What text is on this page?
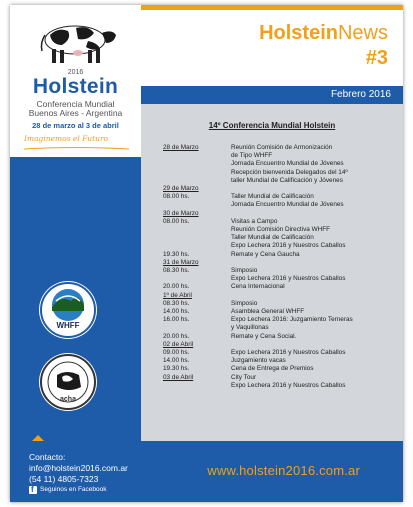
2016
Holstein
Conferencia Mundial
Buenos Aires - Argentina
28 de marzo al 3 de abril
Imaginemos el Futuro
HolsteinNews
#3
Febrero 2016
WHFF
acha
14º Conferencia Mundial Holstein
28 de Marzo	Reunión Comisión de Armonización
de Tipo WHFF
Jornada Encuentro Mundial de Jóvenes
Recepción bienvenida Delegados del 14º
taller Mundial de Calificación y Jóvenes
29 de Marzo
08.00 hs.	Taller Mundial de Calificación
Jornada Encuentro Mundial de Jóvenes
30 de Marzo
08.00 hs.	Visitas a Campo
Reunión Comisión Directiva WHFF
Taller Mundial de Calificación
Expo Lechera 2016 y Nuestros Caballos
19.30 hs.	Remate y Cena Gaucha
31 de Marzo
08.30 hs.	Simposio
Expo Lechera 2016 y Nuestros Caballos
20.00 hs.	Cena Internacional
1º de Abril
08.30 hs.	Simposio
14.00 hs.	Asamblea General WHFF
16.00 hs.	Expo Lechera 2016: Juzgamiento Terneras
y Vaquillonas
20.00 hs.	Remate y Cena Social.
02 de Abril
09.00 hs.	Expo Lechera 2016 y Nuestros Caballos
14.00 hs.	Juzgamiento vacas
19.30 hs.	Cena de Entrega de Premios
03 de Abril	City Tour
Expo Lechera 2016 y Nuestros Caballos
Contacto:
info@holstein2016.com.ar
(54 11) 4805-7323
f Seguinos en Facebook
www.holstein2016.com.ar
